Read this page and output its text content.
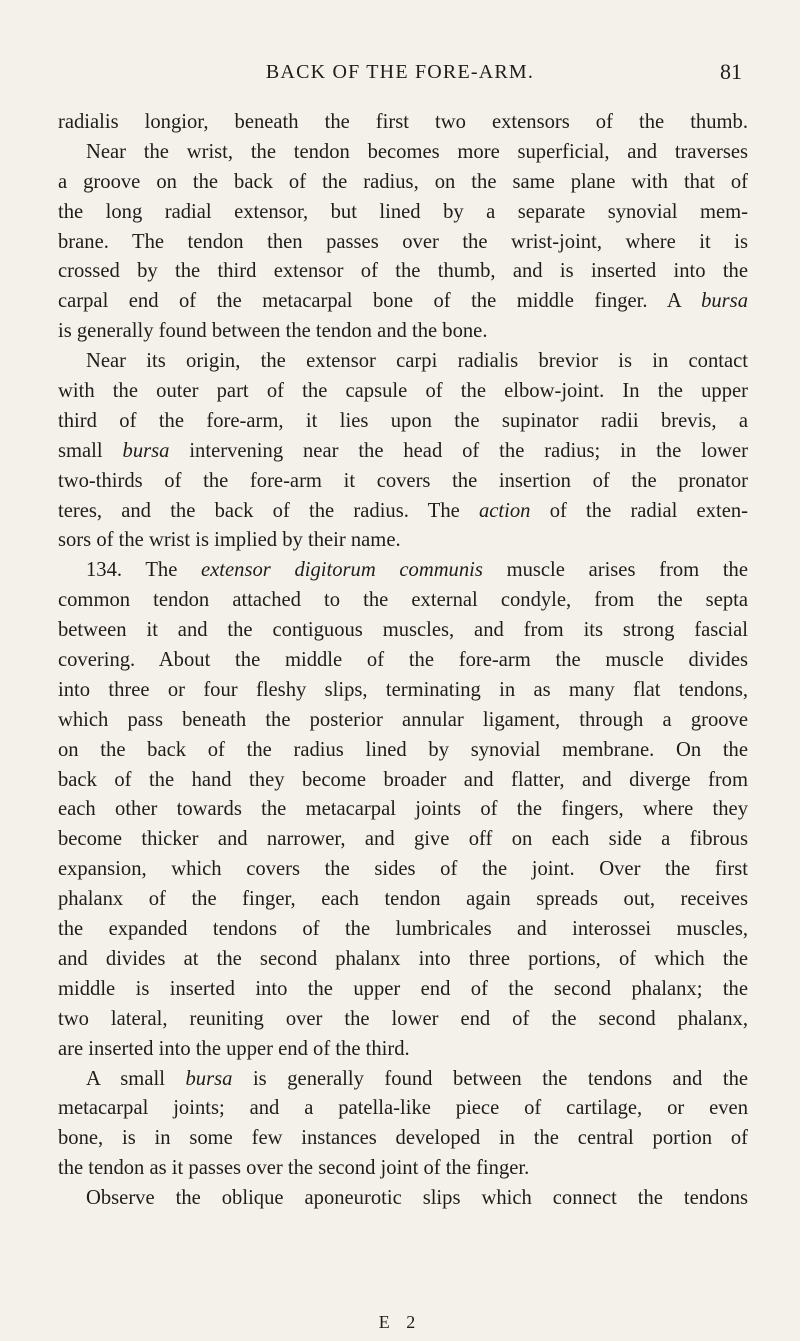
BACK OF THE FORE-ARM.	81
radialis longior, beneath the first two extensors of the thumb.
Near the wrist, the tendon becomes more superficial, and traverses
a groove on the back of the radius, on the same plane with that of
the long radial extensor, but lined by a separate synovial mem-
brane. The tendon then passes over the wrist-joint, where it is
crossed by the third extensor of the thumb, and is inserted into the
carpal end of the metacarpal bone of the middle finger. A bursa
is generally found between the tendon and the bone.
Near its origin, the extensor carpi radialis brevior is in contact
with the outer part of the capsule of the elbow-joint. In the upper
third of the fore-arm, it lies upon the supinator radii brevis, a
small bursa intervening near the head of the radius; in the lower
two-thirds of the fore-arm it covers the insertion of the pronator
teres, and the back of the radius. The action of the radial exten-
sors of the wrist is implied by their name.
134. The extensor digitorum communis muscle arises from the
common tendon attached to the external condyle, from the septa
between it and the contiguous muscles, and from its strong fascial
covering. About the middle of the fore-arm the muscle divides
into three or four fleshy slips, terminating in as many flat tendons,
which pass beneath the posterior annular ligament, through a groove
on the back of the radius lined by synovial membrane. On the
back of the hand they become broader and flatter, and diverge from
each other towards the metacarpal joints of the fingers, where they
become thicker and narrower, and give off on each side a fibrous
expansion, which covers the sides of the joint. Over the first
phalanx of the finger, each tendon again spreads out, receives
the expanded tendons of the lumbricales and interossei muscles,
and divides at the second phalanx into three portions, of which the
middle is inserted into the upper end of the second phalanx; the
two lateral, reuniting over the lower end of the second phalanx,
are inserted into the upper end of the third.
A small bursa is generally found between the tendons and the
metacarpal joints; and a patella-like piece of cartilage, or even
bone, is in some few instances developed in the central portion of
the tendon as it passes over the second joint of the finger.
Observe the oblique aponeurotic slips which connect the tendons
E 2
